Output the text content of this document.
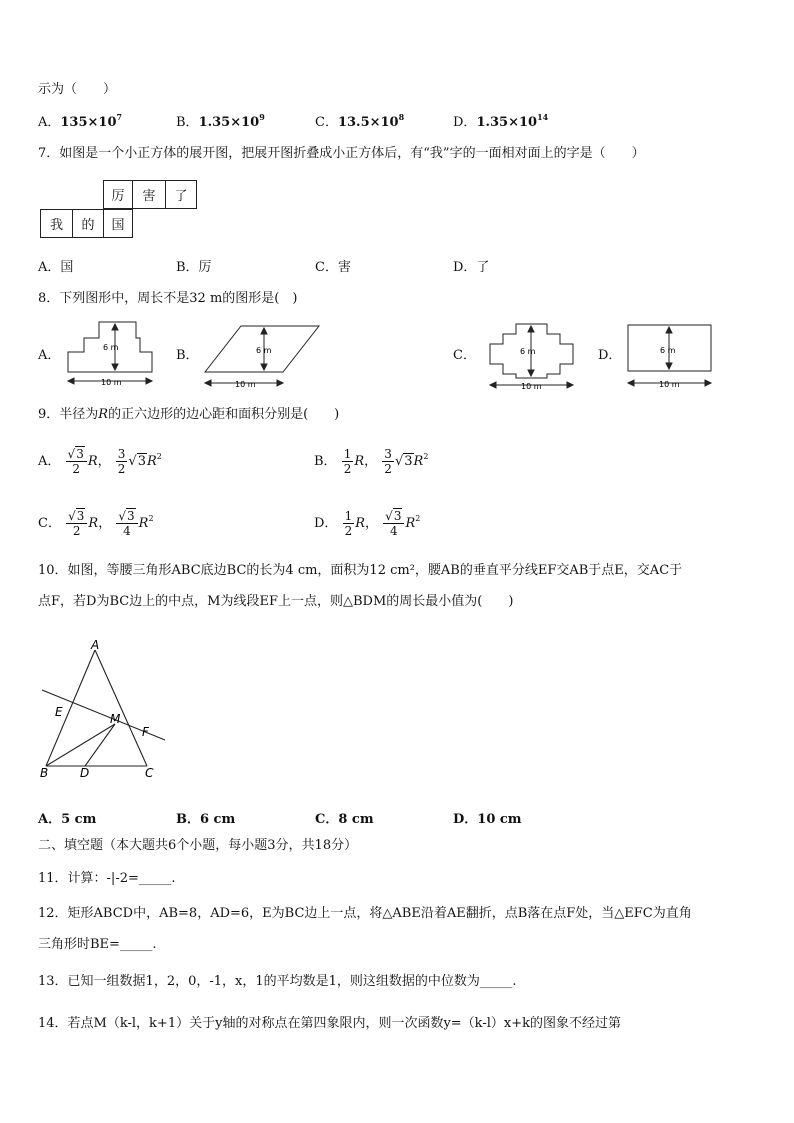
示为（　　）
A．$135\times 10^7$	B．$1.35\times 10^9$	C．$13.5\times 10^8$	D．$1.35\times 10^{14}$
7．如图是一个小正方体的展开图，把展开图折叠成小正方体后，有“我”字的一面相对面上的字是（　　）
厉	害	了
我	的	国
A．国	B．厉	C．害	D．了
8．下列图形中，周长不是32 m的图形是(　)
A．	B．	C．	D．
6 m
10 m
6 m
10 m
6 m
10 m
6 m
10 m
9．半径为R的正六边形的边心距和面积分别是(　　)
A． $\frac{√3}{2}$ R， $\frac{3}{2} √3R^2$	B． $\frac{1}{2}$ R， $\frac{3}{2} √3R^2$
C． $\frac{√3}{2}$ R， $\frac{√3}{4} R^2$	D． $\frac{1}{2}$ R， $\frac{√3}{4} R^2$
10．如图，等腰三角形ABC底边BC的长为4 cm，面积为12 cm²，腰AB的垂直平分线EF交AB于点E，交AC于
点F，若D为BC边上的中点，M为线段EF上一点，则△BDM的周长最小值为(　　)
A
E	M
F
B	D	C
A．5 cm	B．6 cm	C．8 cm	D．10 cm
二、填空题（本大题共6个小题，每小题3分，共18分）
11．计算：-|-2=_____.
12．矩形ABCD中，AB=8，AD=6，E为BC边上一点，将△ABE沿着AE翻折，点B落在点F处，当△EFC为直角
三角形时BE=_____.
13．已知一组数据1，2，0，-1，x，1的平均数是1，则这组数据的中位数为_____.
14．若点M（k-l，k+1）关于y轴的对称点在第四象限内，则一次函数y=（k-l）x+k的图象不经过第
